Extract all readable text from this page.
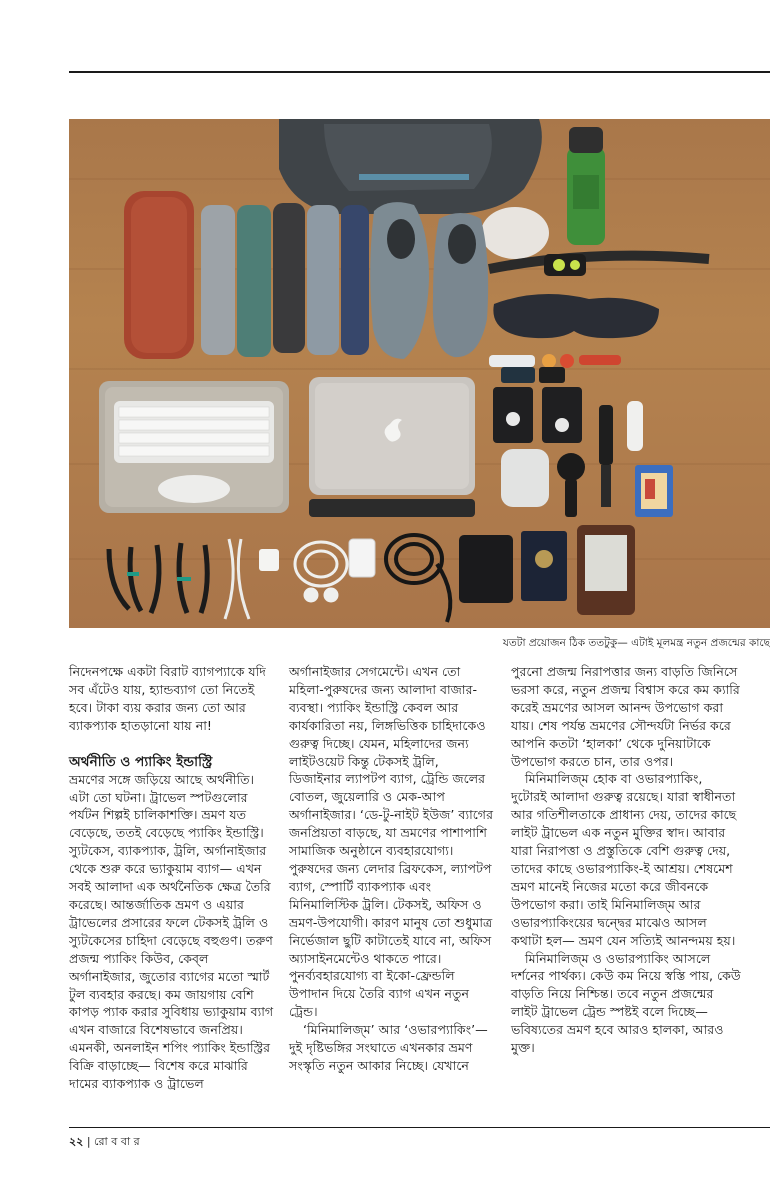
যতটা প্রয়োজন ঠিক ততটুকু— এটাই মূলমন্ত্র নতুন প্রজন্মের কাছে

নিদেনপক্ষে একটা বিরাট ব্যাগপ্যাকে যদি সব এঁটেও যায়, হ্যান্ডব্যাগ তো নিতেই হবে। টাকা ব্যয় করার জন্য তো আর ব্যাকপ্যাক হাতড়ানো যায় না!

অর্থনীতি ও প্যাকিং ইন্ডাস্ট্রি

ভ্রমণের সঙ্গে জড়িয়ে আছে অর্থনীতি। এটা তো ঘটনা। ট্রাভেল স্পটগুলোর পর্যটন শিল্পই চালিকাশক্তি। ভ্রমণ যত বেড়েছে, ততই বেড়েছে প্যাকিং ইন্ডাস্ট্রি। স্যুটকেস, ব্যাকপ্যাক, ট্রলি, অর্গানাইজার থেকে শুরু করে ভ্যাকুয়াম ব্যাগ— এখন সবই আলাদা এক অর্থনৈতিক ক্ষেত্র তৈরি করেছে। আন্তর্জাতিক ভ্রমণ ও এয়ার ট্রাভেলের প্রসারের ফলে টেকসই ট্রলি ও স্যুটকেসের চাহিদা বেড়েছে বহুগুণ। তরুণ প্রজন্ম প্যাকিং কিউব, কেব্‌ল অর্গানাইজার, জুতোর ব্যাগের মতো স্মার্ট টুল ব্যবহার করছে। কম জায়গায় বেশি কাপড় প্যাক করার সুবিধায় ভ্যাকুয়াম ব্যাগ এখন বাজারে বিশেষভাবে জনপ্রিয়। এমনকী, অনলাইন শপিং প্যাকিং ইন্ডাস্ট্রির বিক্রি বাড়াচ্ছে— বিশেষ করে মাঝারি দামের ব্যাকপ্যাক ও ট্রাভেল

অর্গানাইজার সেগমেন্টে। এখন তো মহিলা-পুরুষদের জন্য আলাদা বাজার-ব্যবস্থা। প্যাকিং ইন্ডাস্ট্রি কেবল আর কার্যকারিতা নয়, লিঙ্গভিত্তিক চাহিদাকেও গুরুত্ব দিচ্ছে। যেমন, মহিলাদের জন্য লাইটওয়েট কিন্তু টেকসই ট্রলি, ডিজাইনার ল্যাপটপ ব্যাগ, ট্রেন্ডি জলের বোতল, জুয়েলারি ও মেক-আপ অর্গানাইজার। ‘ডে-টু-নাইট ইউজ’ ব্যাগের জনপ্রিয়তা বাড়ছে, যা ভ্রমণের পাশাপাশি সামাজিক অনুষ্ঠানে ব্যবহারযোগ্য। পুরুষদের জন্য লেদার ব্রিফকেস, ল্যাপটপ ব্যাগ, স্পোর্টি ব্যাকপ্যাক এবং মিনিমালিস্টিক ট্রলি। টেকসই, অফিস ও ভ্রমণ-উপযোগী। কারণ মানুষ তো শুধুমাত্র নির্ভেজাল ছুটি কাটাতেই যাবে না, অফিস অ্যাসাইনমেন্টেও থাকতে পারে। পুনর্ব্যবহারযোগ্য বা ইকো-ফ্রেন্ডলি উপাদান দিয়ে তৈরি ব্যাগ এখন নতুন ট্রেন্ড।

‘মিনিমালিজ্‌ম’ আর ‘ওভারপ্যাকিং’— দুই দৃষ্টিভঙ্গির সংঘাতে এখনকার ভ্রমণ সংস্কৃতি নতুন আকার নিচ্ছে। যেখানে

পুরনো প্রজন্ম নিরাপত্তার জন্য বাড়তি জিনিসে ভরসা করে, নতুন প্রজন্ম বিশ্বাস করে কম ক্যারি করেই ভ্রমণের আসল আনন্দ উপভোগ করা যায়। শেষ পর্যন্ত ভ্রমণের সৌন্দর্যটা নির্ভর করে আপনি কতটা ‘হালকা’ থেকে দুনিয়াটাকে উপভোগ করতে চান, তার ওপর।

মিনিমালিজ্‌ম হোক বা ওভারপ্যাকিং, দুটোরই আলাদা গুরুত্ব রয়েছে। যারা স্বাধীনতা আর গতিশীলতাকে প্রাধান্য দেয়, তাদের কাছে লাইট ট্রাভেল এক নতুন মুক্তির স্বাদ। আবার যারা নিরাপত্তা ও প্রস্তুতিকে বেশি গুরুত্ব দেয়, তাদের কাছে ওভারপ্যাকিং-ই আশ্রয়। শেষমেশ ভ্রমণ মানেই নিজের মতো করে জীবনকে উপভোগ করা। তাই মিনিমালিজ্‌ম আর ওভারপ্যাকিংয়ের দ্বন্দ্বের মাঝেও আসল কথাটা হল— ভ্রমণ যেন সত্যিই আনন্দময় হয়।

মিনিমালিজ্‌ম ও ওভারপ্যাকিং আসলে দর্শনের পার্থক্য। কেউ কম নিয়ে স্বস্তি পায়, কেউ বাড়তি নিয়ে নিশ্চিন্ত। তবে নতুন প্রজন্মের লাইট ট্রাভেল ট্রেন্ড স্পষ্টই বলে দিচ্ছে— ভবিষ্যতের ভ্রমণ হবে আরও হালকা, আরও মুক্ত।

২২ | রো ব বা র
